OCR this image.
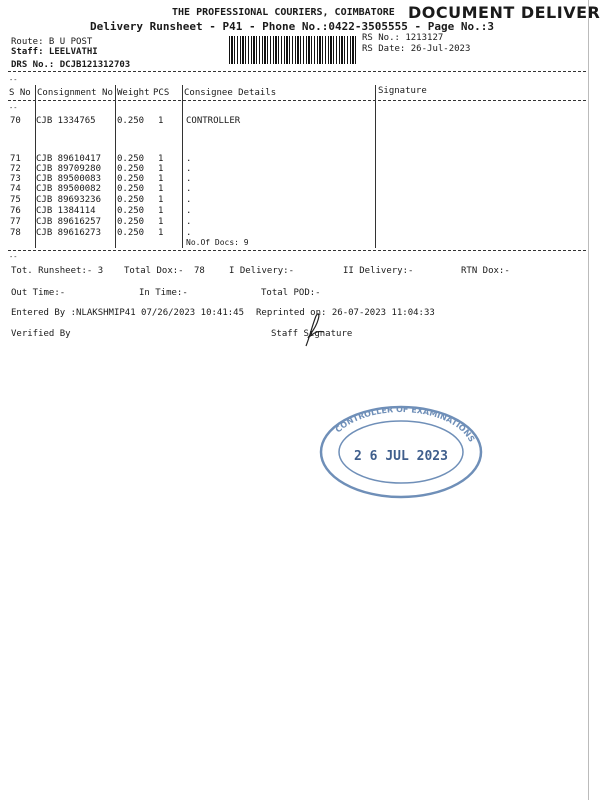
THE PROFESSIONAL COURIERS, COIMBATORE DOCUMENT DELIVER
Delivery Runsheet - P41 - Phone No.:0422-3505555 - Page No.:3
Route: B U POST
Staff: LEELVATHI
DRS No.: DCJB121312703
RS No.: 1213127
RS Date: 26-Jul-2023
--
S No Consignment No Weight PCS Consignee Details	Signature
--
70 CJB 1334765 0.250 1	CONTROLLER
71 CJB 89610417 0.250 1	.
72 CJB 89709280 0.250 1	.
73 CJB 89500083 0.250 1	.
74 CJB 89500082 0.250 1	.
75 CJB 89693236 0.250 1	.
76 CJB 1384114 0.250 1	.
77 CJB 89616257 0.250 1	.
78 CJB 89616273 0.250 1	.
No.Of Docs: 9
--
Tot. Runsheet:- 3 Total Dox:- 78	I Delivery:-	II Delivery:-	RTN Dox:-
Out Time:-	In Time:-	Total POD:-
Entered By :NLAKSHMIP41 07/26/2023 10:41:45 Reprinted on: 26-07-2023 11:04:33
Verified By	Staff Signature
CONTROLLER OF EXAMINATIONS
2 6 JUL 2023
